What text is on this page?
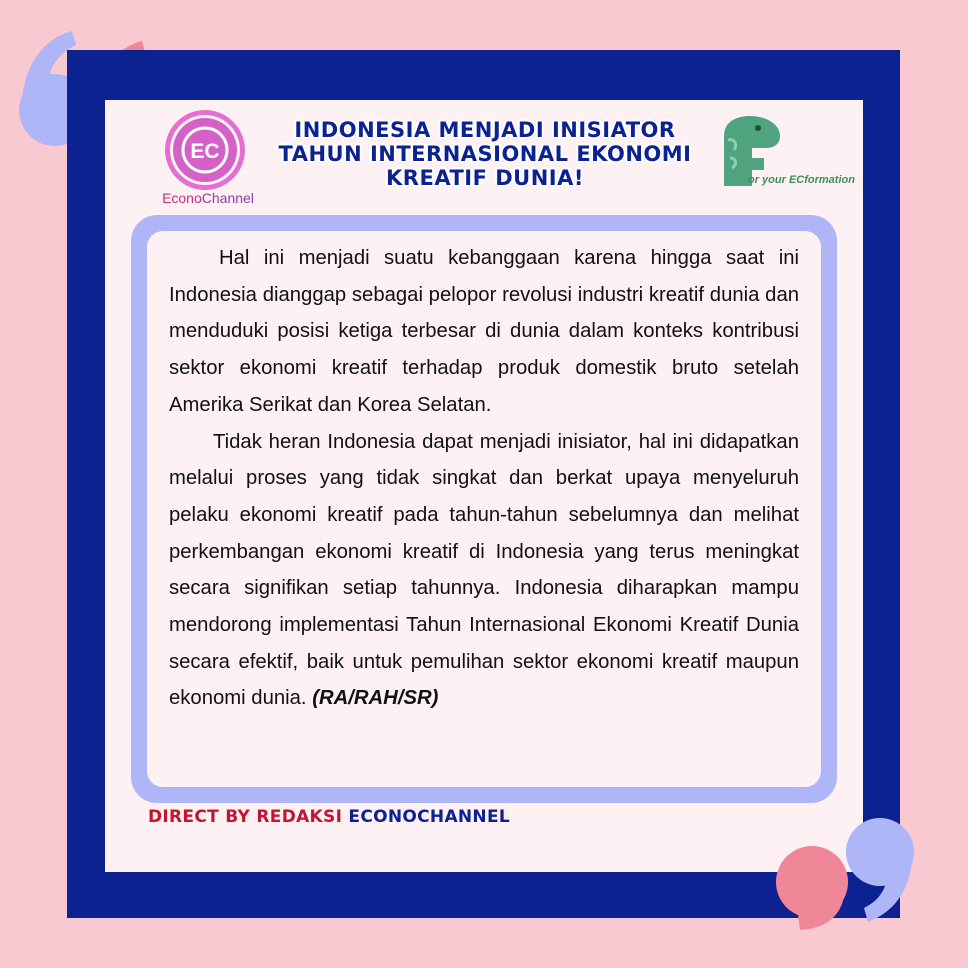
EC
EconoChannel
INDONESIA MENJADI INISIATOR
TAHUN INTERNASIONAL EKONOMI
KREATIF DUNIA!	or your ECformation

Hal ini menjadi suatu kebanggaan karena hingga saat ini Indonesia dianggap sebagai pelopor revolusi industri kreatif dunia dan menduduki posisi ketiga terbesar di dunia dalam konteks kontribusi sektor ekonomi kreatif terhadap produk domestik bruto setelah Amerika Serikat dan Korea Selatan.

Tidak heran Indonesia dapat menjadi inisiator, hal ini didapatkan melalui proses yang tidak singkat dan berkat upaya menyeluruh pelaku ekonomi kreatif pada tahun-tahun sebelumnya dan melihat perkembangan ekonomi kreatif di Indonesia yang terus meningkat secara signifikan setiap tahunnya. Indonesia diharapkan mampu mendorong implementasi Tahun Internasional Ekonomi Kreatif Dunia secara efektif, baik untuk pemulihan sektor ekonomi kreatif maupun ekonomi dunia. (RA/RAH/SR)

DIRECT BY REDAKSI ECONOCHANNEL
